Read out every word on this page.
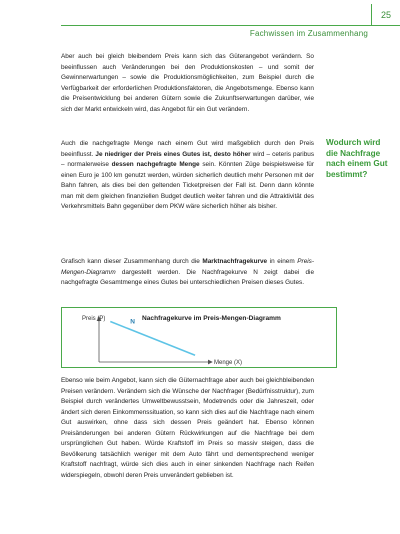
25
Fachwissen im Zusammenhang
Aber auch bei gleich bleibendem Preis kann sich das Güterangebot verändern. So beeinflussen auch Veränderungen bei den Produktionskosten – und somit der Gewinnerwartungen – sowie die Produktionsmöglichkeiten, zum Beispiel durch die Verfügbarkeit der erforderlichen Produktionsfaktoren, die Angebotsmenge. Ebenso kann die Preisentwicklung bei anderen Gütern sowie die Zukunftserwartungen darüber, wie sich der Markt entwickeln wird, das Angebot für ein Gut verändern.
Auch die nachgefragte Menge nach einem Gut wird maßgeblich durch den Preis beeinflusst. Je niedriger der Preis eines Gutes ist, desto höher wird – ceteris paribus – normalerweise dessen nachgefragte Menge sein. Könnten Züge beispielsweise für einen Euro je 100 km genutzt werden, würden sicherlich deutlich mehr Personen mit der Bahn fahren, als dies bei den geltenden Ticketpreisen der Fall ist. Denn dann könnte man mit dem gleichen finanziellen Budget deutlich weiter fahren und die Attraktivität des Verkehrsmittels Bahn gegenüber dem PKW wäre sicherlich höher als bisher.
Wodurch wird die Nachfrage nach einem Gut bestimmt?
Grafisch kann dieser Zusammenhang durch die Marktnachfragekurve in einem Preis-Mengen-Diagramm dargestellt werden. Die Nachfragekurve N zeigt dabei die nachgefragte Gesamtmenge eines Gutes bei unterschiedlichen Preisen dieses Gutes.
Preis (P)	Nachfragekurve im Preis-Mengen-Diagramm
Menge (X)
N
Ebenso wie beim Angebot, kann sich die Güternachfrage aber auch bei gleichbleibenden Preisen verändern. Verändern sich die Wünsche der Nachfrager (Bedürfnisstruktur), zum Beispiel durch verändertes Umweltbewusstsein, Modetrends oder die Jahreszeit, oder ändert sich deren Einkommenssituation, so kann sich dies auf die Nachfrage nach einem Gut auswirken, ohne dass sich dessen Preis geändert hat. Ebenso können Preisänderungen bei anderen Gütern Rückwirkungen auf die Nachfrage bei dem ursprünglichen Gut haben. Würde Kraftstoff im Preis so massiv steigen, dass die Bevölkerung tatsächlich weniger mit dem Auto fährt und dementsprechend weniger Kraftstoff nachfragt, würde sich dies auch in einer sinkenden Nachfrage nach Reifen widerspiegeln, obwohl deren Preis unverändert geblieben ist.
